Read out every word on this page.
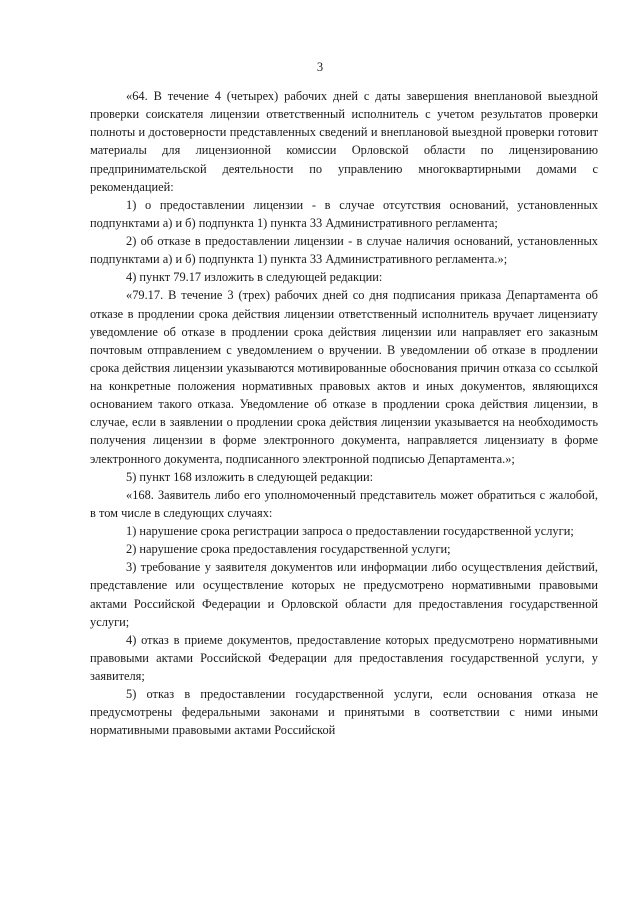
3

«64. В течение 4 (четырех) рабочих дней с даты завершения внеплановой выездной проверки соискателя лицензии ответственный исполнитель с учетом результатов проверки полноты и достоверности представленных сведений и внеплановой выездной проверки готовит материалы для лицензионной комиссии Орловской области по лицензированию предпринимательской деятельности по управлению многоквартирными домами с рекомендацией:

1) о предоставлении лицензии - в случае отсутствия оснований, установленных подпунктами а) и б) подпункта 1) пункта 33 Административного регламента;

2) об отказе в предоставлении лицензии - в случае наличия оснований, установленных подпунктами а) и б) подпункта 1) пункта 33 Административного регламента.»;

4) пункт 79.17 изложить в следующей редакции:

«79.17. В течение 3 (трех) рабочих дней со дня подписания приказа Департамента об отказе в продлении срока действия лицензии ответственный исполнитель вручает лицензиату уведомление об отказе в продлении срока действия лицензии или направляет его заказным почтовым отправлением с уведомлением о вручении. В уведомлении об отказе в продлении срока действия лицензии указываются мотивированные обоснования причин отказа со ссылкой на конкретные положения нормативных правовых актов и иных документов, являющихся основанием такого отказа. Уведомление об отказе в продлении срока действия лицензии, в случае, если в заявлении о продлении срока действия лицензии указывается на необходимость получения лицензии в форме электронного документа, направляется лицензиату в форме электронного документа, подписанного электронной подписью Департамента.»;

5) пункт 168 изложить в следующей редакции:

«168. Заявитель либо его уполномоченный представитель может обратиться с жалобой, в том числе в следующих случаях:

1) нарушение срока регистрации запроса о предоставлении государственной услуги;

2) нарушение срока предоставления государственной услуги;

3) требование у заявителя документов или информации либо осуществления действий, представление или осуществление которых не предусмотрено нормативными правовыми актами Российской Федерации и Орловской области для предоставления государственной услуги;

4) отказ в приеме документов, предоставление которых предусмотрено нормативными правовыми актами Российской Федерации для предоставления государственной услуги, у заявителя;

5) отказ в предоставлении государственной услуги, если основания отказа не предусмотрены федеральными законами и принятыми в соответствии с ними иными нормативными правовыми актами Российской
